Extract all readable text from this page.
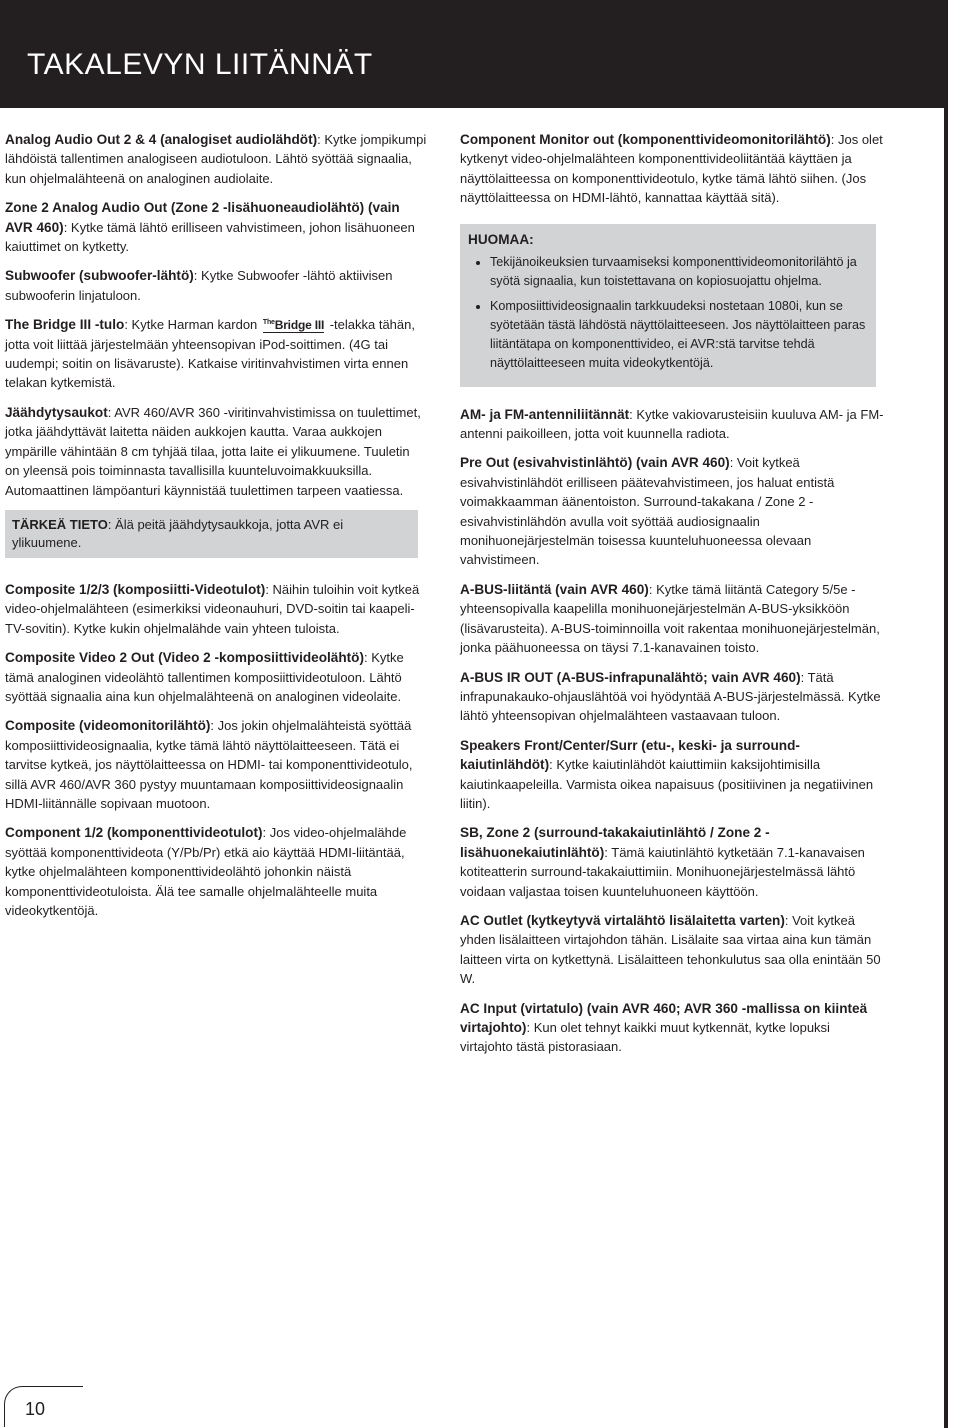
TAKALEVYN LIITÄNNÄT

Analog Audio Out 2 & 4 (analogiset audiolähdöt): Kytke jompikumpi lähdöistä tallentimen analogiseen audiotuloon. Lähtö syöttää signaalia, kun ohjelmalähteenä on analoginen audiolaite.

Zone 2 Analog Audio Out (Zone 2 -lisähuoneaudiolähtö) (vain AVR 460): Kytke tämä lähtö erilliseen vahvistimeen, johon lisähuoneen kaiuttimet on kytketty.

Subwoofer (subwoofer-lähtö): Kytke Subwoofer -lähtö aktiivisen subwooferin linjatuloon.

The Bridge III -tulo: Kytke Harman kardon $^{The}$Bridge III -telakka tähän, jotta voit liittää järjestelmään yhteensopivan iPod-soittimen. (4G tai uudempi; soitin on lisävaruste). Katkaise viritinvahvistimen virta ennen telakan kytkemistä.

Jäähdytysaukot: AVR 460/AVR 360 -viritinvahvistimissa on tuulettimet, jotka jäähdyttävät laitetta näiden aukkojen kautta. Varaa aukkojen ympärille vähintään 8 cm tyhjää tilaa, jotta laite ei ylikuumene. Tuuletin on yleensä pois toiminnasta tavallisilla kuunteluvoimakkuuksilla. Automaattinen lämpöanturi käynnistää tuulettimen tarpeen vaatiessa.

TÄRKEÄ TIETO: Älä peitä jäähdytysaukkoja, jotta AVR ei ylikuumene.

Composite 1/2/3 (komposiitti-Videotulot): Näihin tuloihin voit kytkeä video-ohjelmalähteen (esimerkiksi videonauhuri, DVD-soitin tai kaapeli-TV-sovitin). Kytke kukin ohjelmalähde vain yhteen tuloista.

Composite Video 2 Out (Video 2 -komposiittivideolähtö): Kytke tämä analoginen videolähtö tallentimen komposiittivideotuloon. Lähtö syöttää signaalia aina kun ohjelmalähteenä on analoginen videolaite.

Composite (videomonitorilähtö): Jos jokin ohjelmalähteistä syöttää komposiittivideosignaalia, kytke tämä lähtö näyttölaitteeseen. Tätä ei tarvitse kytkeä, jos näyttölaitteessa on HDMI- tai komponenttivideotulo, sillä AVR 460/AVR 360 pystyy muuntamaan komposiittivideosignaalin HDMI-liitännälle sopivaan muotoon.

Component 1/2 (komponenttivideotulot): Jos video-ohjelmalähde syöttää komponenttivideota (Y/Pb/Pr) etkä aio käyttää HDMI-liitäntää, kytke ohjelmalähteen komponenttivideolähtö johonkin näistä komponenttivideotuloista. Älä tee samalle ohjelmalähteelle muita videokytkentöjä.

Component Monitor out (komponenttivideomonitorilähtö): Jos olet kytkenyt video-ohjelmalähteen komponenttivideoliitäntää käyttäen ja näyttölaitteessa on komponenttivideotulo, kytke tämä lähtö siihen. (Jos näyttölaitteessa on HDMI-lähtö, kannattaa käyttää sitä).

HUOMAA:
• Tekijänoikeuksien turvaamiseksi komponenttivideomonitorilähtö ja syötä signaalia, kun toistettavana on kopiosuojattu ohjelma.
• Komposiittivideosignaalin tarkkuudeksi nostetaan 1080i, kun se syötetään tästä lähdöstä näyttölaitteeseen. Jos näyttölaitteen paras liitäntätapa on komponenttivideo, ei AVR:stä tarvitse tehdä näyttölaitteeseen muita videokytkentöjä.

AM- ja FM-antenniliitännät: Kytke vakiovarusteisiin kuuluva AM- ja FM-antenni paikoilleen, jotta voit kuunnella radiota.

Pre Out (esivahvistinlähtö) (vain AVR 460): Voit kytkeä esivahvistinlähdöt erilliseen päätevahvistimeen, jos haluat entistä voimakkaamman äänentoiston. Surround-takakana / Zone 2 -esivahvistinlähdön avulla voit syöttää audiosignaalin monihuonejärjestelmän toisessa kuunteluhuoneessa olevaan vahvistimeen.

A-BUS-liitäntä (vain AVR 460): Kytke tämä liitäntä Category 5/5e -yhteensopivalla kaapelilla monihuonejärjestelmän A-BUS-yksikköön (lisävarusteita). A-BUS-toiminnoilla voit rakentaa monihuonejärjestelmän, jonka päähuoneessa on täysi 7.1-kanavainen toisto.

A-BUS IR OUT (A-BUS-infrapunalähtö; vain AVR 460): Tätä infrapunakauko-ohjauslähtöä voi hyödyntää A-BUS-järjestelmässä. Kytke lähtö yhteensopivan ohjelmalähteen vastaavaan tuloon.

Speakers Front/Center/Surr (etu-, keski- ja surround-kaiutinlähdöt): Kytke kaiutinlähdöt kaiuttimiin kaksijohtimisilla kaiutinkaapeleilla. Varmista oikea napaisuus (positiivinen ja negatiivinen liitin).

SB, Zone 2 (surround-takakaiutinlähtö / Zone 2 -lisähuonekaiutinlähtö): Tämä kaiutinlähtö kytketään 7.1-kanavaisen kotiteatterin surround-takakaiuttimiin. Monihuonejärjestelmässä lähtö voidaan valjastaa toisen kuunteluhuoneen käyttöön.

AC Outlet (kytkeytyvä virtalähtö lisälaitetta varten): Voit kytkeä yhden lisälaitteen virtajohdon tähän. Lisälaite saa virtaa aina kun tämän laitteen virta on kytkettynä. Lisälaitteen tehonkulutus saa olla enintään 50 W.

AC Input (virtatulo) (vain AVR 460; AVR 360 -mallissa on kiinteä virtajohto): Kun olet tehnyt kaikki muut kytkennät, kytke lopuksi virtajohto tästä pistorasiaan.

10
